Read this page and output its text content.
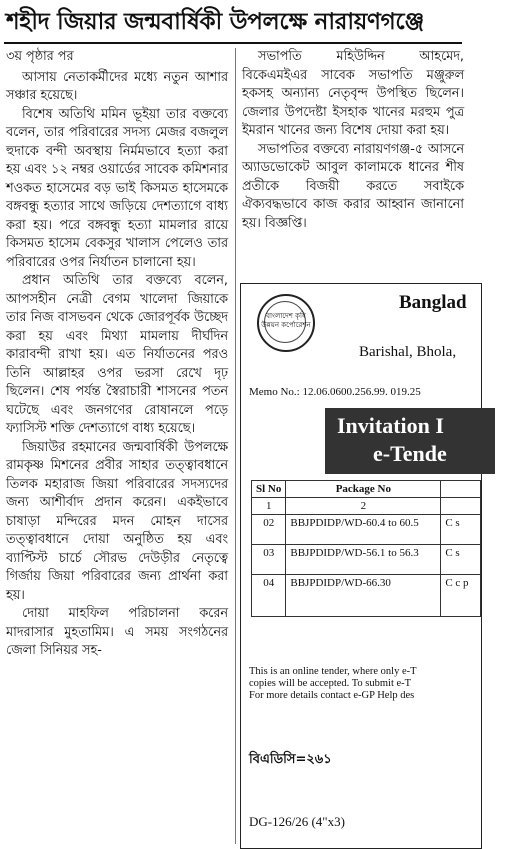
শহীদ জিয়ার জন্মবার্ষিকী উপলক্ষে নারায়ণগঞ্জে

৩য় পৃষ্ঠার পর

আসায় নেতাকর্মীদের মধ্যে নতুন আশার সঞ্চার হয়েছে।

বিশেষ অতিথি মমিন ভূইয়া তার বক্তব্যে বলেন, তার পরিবারের সদস্য মেজর বজলুল হুদাকে বন্দী অবস্থায় নির্মমভাবে হত্যা করা হয় এবং ১২ নম্বর ওয়ার্ডের সাবেক কমিশনার শওকত হাসেমের বড় ভাই কিসমত হাসেমকে বঙ্গবন্ধু হত্যার সাথে জড়িয়ে দেশত্যাগে বাধ্য করা হয়। পরে বঙ্গবন্ধু হত্যা মামলার রায়ে কিসমত হাসেম বেকসুর খালাস পেলেও তার পরিবারের ওপর নির্যাতন চালানো হয়।

প্রধান অতিথি তার বক্তব্যে বলেন, আপসহীন নেত্রী বেগম খালেদা জিয়াকে তার নিজ বাসভবন থেকে জোরপূর্বক উচ্ছেদ করা হয় এবং মিথ্যা মামলায় দীর্ঘদিন কারাবন্দী রাখা হয়। এত নির্যাতনের পরও তিনি আল্লাহর ওপর ভরসা রেখে দৃঢ় ছিলেন। শেষ পর্যন্ত স্বৈরাচারী শাসনের পতন ঘটেছে এবং জনগণের রোষানলে পড়ে ফ্যাসিস্ট শক্তি দেশত্যাগে বাধ্য হয়েছে।

জিয়াউর রহমানের জন্মবার্ষিকী উপলক্ষে রামকৃষ্ণ মিশনের প্রবীর সাহার তত্ত্বাবধানে তিলক মহারাজ জিয়া পরিবারের সদস্যদের জন্য আশীর্বাদ প্রদান করেন। একইভাবে চাষাড়া মন্দিরের মদন মোহন দাসের তত্ত্বাবধানে দোয়া অনুষ্ঠিত হয় এবং ব্যাপ্টিস্ট চার্চে সৌরভ দেউড়ীর নেতৃত্বে গির্জায় জিয়া পরিবারের জন্য প্রার্থনা করা হয়।

দোয়া মাহফিল পরিচালনা করেন মাদরাসার মুহতামিম। এ সময় সংগঠনের জেলা সিনিয়র সহ-

সভাপতি মহিউদ্দিন আহমেদ, বিকেএমইএর সাবেক সভাপতি মঞ্জুরুল হকসহ অন্যান্য নেতৃবৃন্দ উপস্থিত ছিলেন। জেলার উপদেষ্টা ইসহাক খানের মরহুম পুত্র ইমরান খানের জন্য বিশেষ দোয়া করা হয়।

সভাপতির বক্তব্যে নারায়ণগঞ্জ-৫ আসনে অ্যাডভোকেট আবুল কালামকে ধানের শীষ প্রতীকে বিজয়ী করতে সবাইকে ঐক্যবদ্ধভাবে কাজ করার আহ্বান জানানো হয়। বিজ্ঞপ্তি।

বাংলাদেশ কৃষি উন্নয়ন কর্পোরেশন
Banglad
Barishal, Bhola,
Memo No.: 12.06.0600.256.99. 019.25
Invitation I
e-Tende
Sl No	Package No	
1	2	
02	BBJPDIDP/WD-60.4 to 60.5	C s
03	BBJPDIDP/WD-56.1 to 56.3	C s
04	BBJPDIDP/WD-66.30	C c p
This is an online tender, where only e-T
copies will be accepted. To submit e-T
For more details contact e-GP Help des
বিএডিসি=২৬১
DG-126/26 (4"x3)
